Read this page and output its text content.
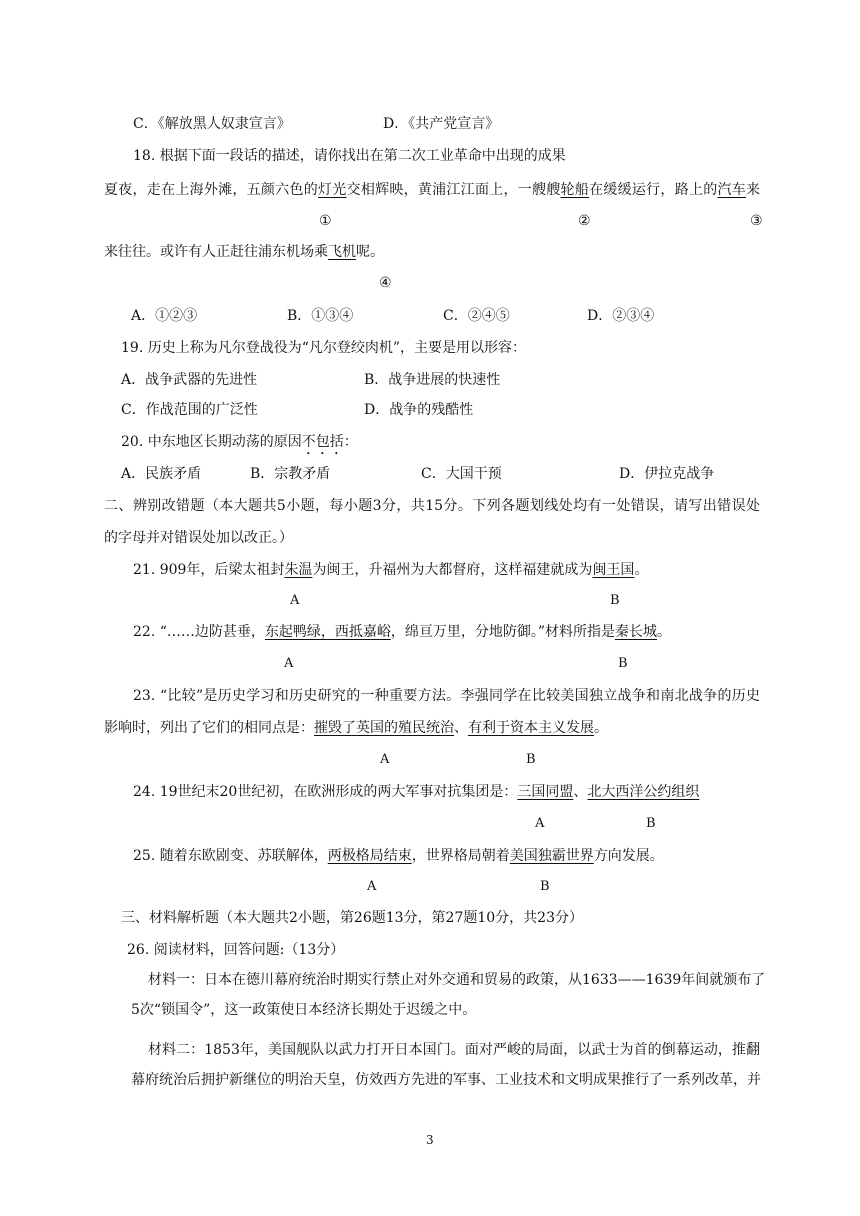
C．《解放黑人奴隶宣言》	D．《共产党宣言》
18. 根据下面一段话的描述，请你找出在第二次工业革命中出现的成果
夏夜，走在上海外滩，五颜六色的灯光交相辉映，黄浦江江面上，一艘艘轮船在缓缓运行，路上的汽车来
①	②	③
来往往。或许有人正赶往浦东机场乘飞机呢。
④
A．①②③	B．①③④	C．②④⑤	D．②③④
19. 历史上称为凡尔登战役为“凡尔登绞肉机”，主要是用以形容：
A．战争武器的先进性	B．战争进展的快速性
C．作战范围的广泛性	D．战争的残酷性
20. 中东地区长期动荡的原因不包括：
A．民族矛盾	B．宗教矛盾	C．大国干预	D．伊拉克战争
二、辨别改错题（本大题共5小题，每小题3分，共15分。下列各题划线处均有一处错误，请写出错误处
的字母并对错误处加以改正。）
21. 909年，后梁太祖封朱温为闽王，升福州为大都督府，这样福建就成为闽王国。
A	B
22. “……边防甚垂，东起鸭绿，西抵嘉峪，绵亘万里，分地防御。”材料所指是秦长城。
A	B
23. “比较”是历史学习和历史研究的一种重要方法。李强同学在比较美国独立战争和南北战争的历史
影响时，列出了它们的相同点是：摧毁了英国的殖民统治、有利于资本主义发展。
A	B
24. 19世纪末20世纪初，在欧洲形成的两大军事对抗集团是：三国同盟、北大西洋公约组织
A	B
25. 随着东欧剧变、苏联解体，两极格局结束，世界格局朝着美国独霸世界方向发展。
A	B
三、材料解析题（本大题共2小题，第26题13分，第27题10分，共23分）
26. 阅读材料，回答问题:（13分）
材料一：日本在德川幕府统治时期实行禁止对外交通和贸易的政策，从1633——1639年间就颁布了
5次“锁国令”，这一政策使日本经济长期处于迟缓之中。
材料二：1853年，美国舰队以武力打开日本国门。面对严峻的局面，以武士为首的倒幕运动，推翻
幕府统治后拥护新继位的明治天皇，仿效西方先进的军事、工业技术和文明成果推行了一系列改革，并
3
